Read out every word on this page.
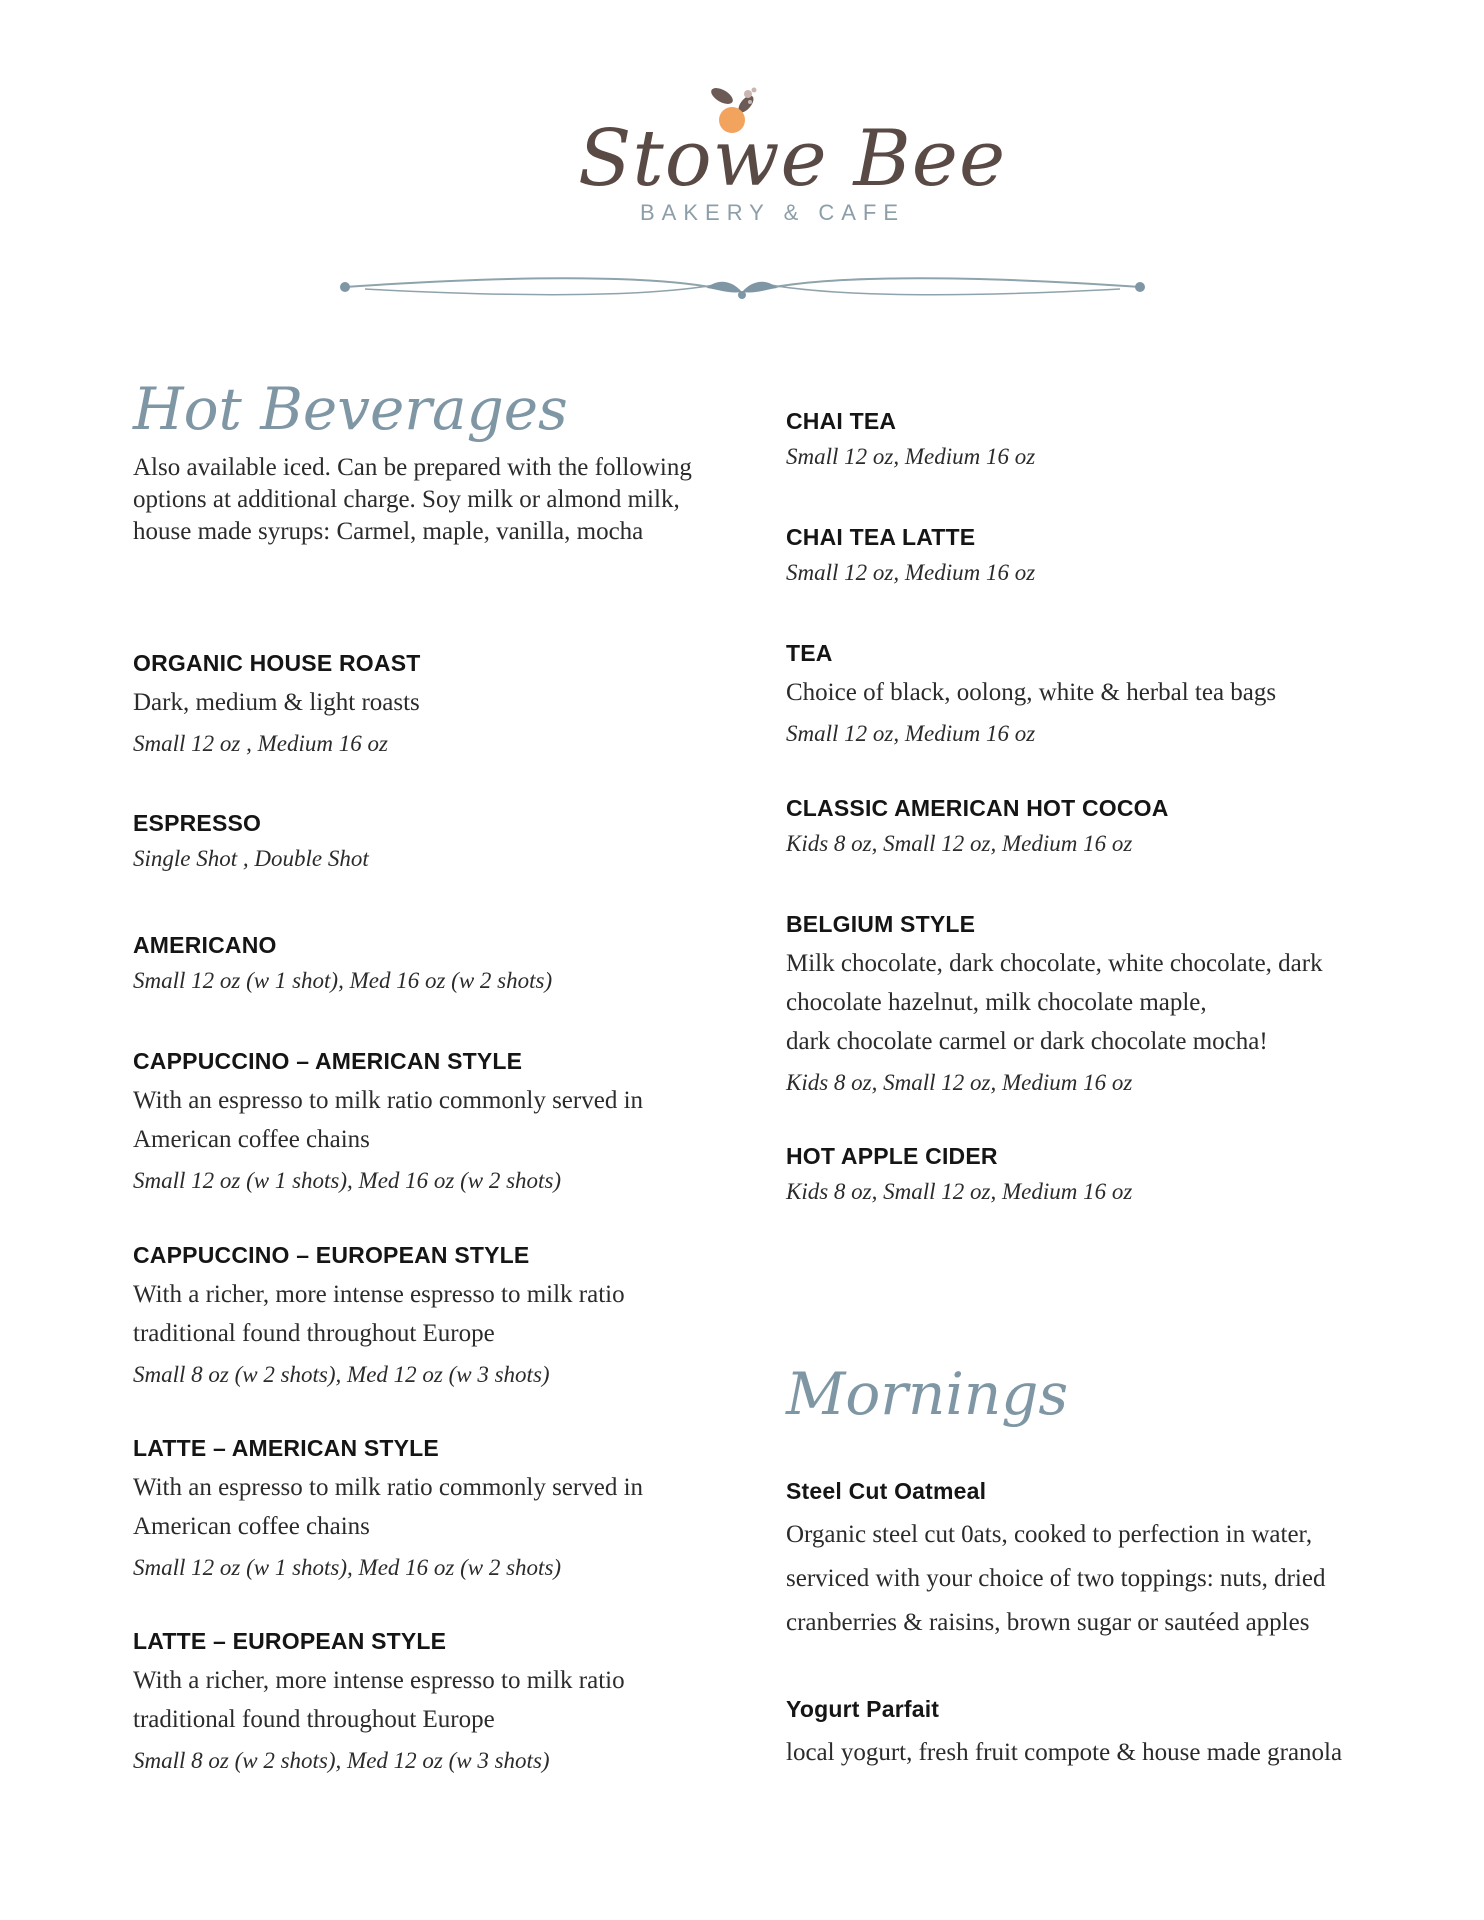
Stowe Bee
BAKERY & CAFE
Hot Beverages
Also available iced. Can be prepared with the following
options at additional charge. Soy milk or almond milk,
house made syrups: Carmel, maple, vanilla, mocha
ORGANIC HOUSE ROAST
Dark, medium & light roasts
Small 12 oz , Medium 16 oz
ESPRESSO
Single Shot , Double Shot
AMERICANO
Small 12 oz (w 1 shot), Med 16 oz (w 2 shots)
CAPPUCCINO – AMERICAN STYLE
With an espresso to milk ratio commonly served in
American coffee chains
Small 12 oz (w 1 shots), Med 16 oz (w 2 shots)
CAPPUCCINO – EUROPEAN STYLE
With a richer, more intense espresso to milk ratio
traditional found throughout Europe
Small 8 oz (w 2 shots), Med 12 oz (w 3 shots)
LATTE – AMERICAN STYLE
With an espresso to milk ratio commonly served in
American coffee chains
Small 12 oz (w 1 shots), Med 16 oz (w 2 shots)
LATTE – EUROPEAN STYLE
With a richer, more intense espresso to milk ratio
traditional found throughout Europe
Small 8 oz (w 2 shots), Med 12 oz (w 3 shots)
CHAI TEA
Small 12 oz, Medium 16 oz
CHAI TEA LATTE
Small 12 oz, Medium 16 oz
TEA
Choice of black, oolong, white & herbal tea bags
Small 12 oz, Medium 16 oz
CLASSIC AMERICAN HOT COCOA
Kids 8 oz, Small 12 oz, Medium 16 oz
BELGIUM STYLE
Milk chocolate, dark chocolate, white chocolate, dark
chocolate hazelnut, milk chocolate maple,
dark chocolate carmel or dark chocolate mocha!
Kids 8 oz, Small 12 oz, Medium 16 oz
HOT APPLE CIDER
Kids 8 oz, Small 12 oz, Medium 16 oz
Mornings
Steel Cut Oatmeal
Organic steel cut 0ats, cooked to perfection in water,
serviced with your choice of two toppings: nuts, dried
cranberries & raisins, brown sugar or sautéed apples
Yogurt Parfait
local yogurt, fresh fruit compote & house made granola
